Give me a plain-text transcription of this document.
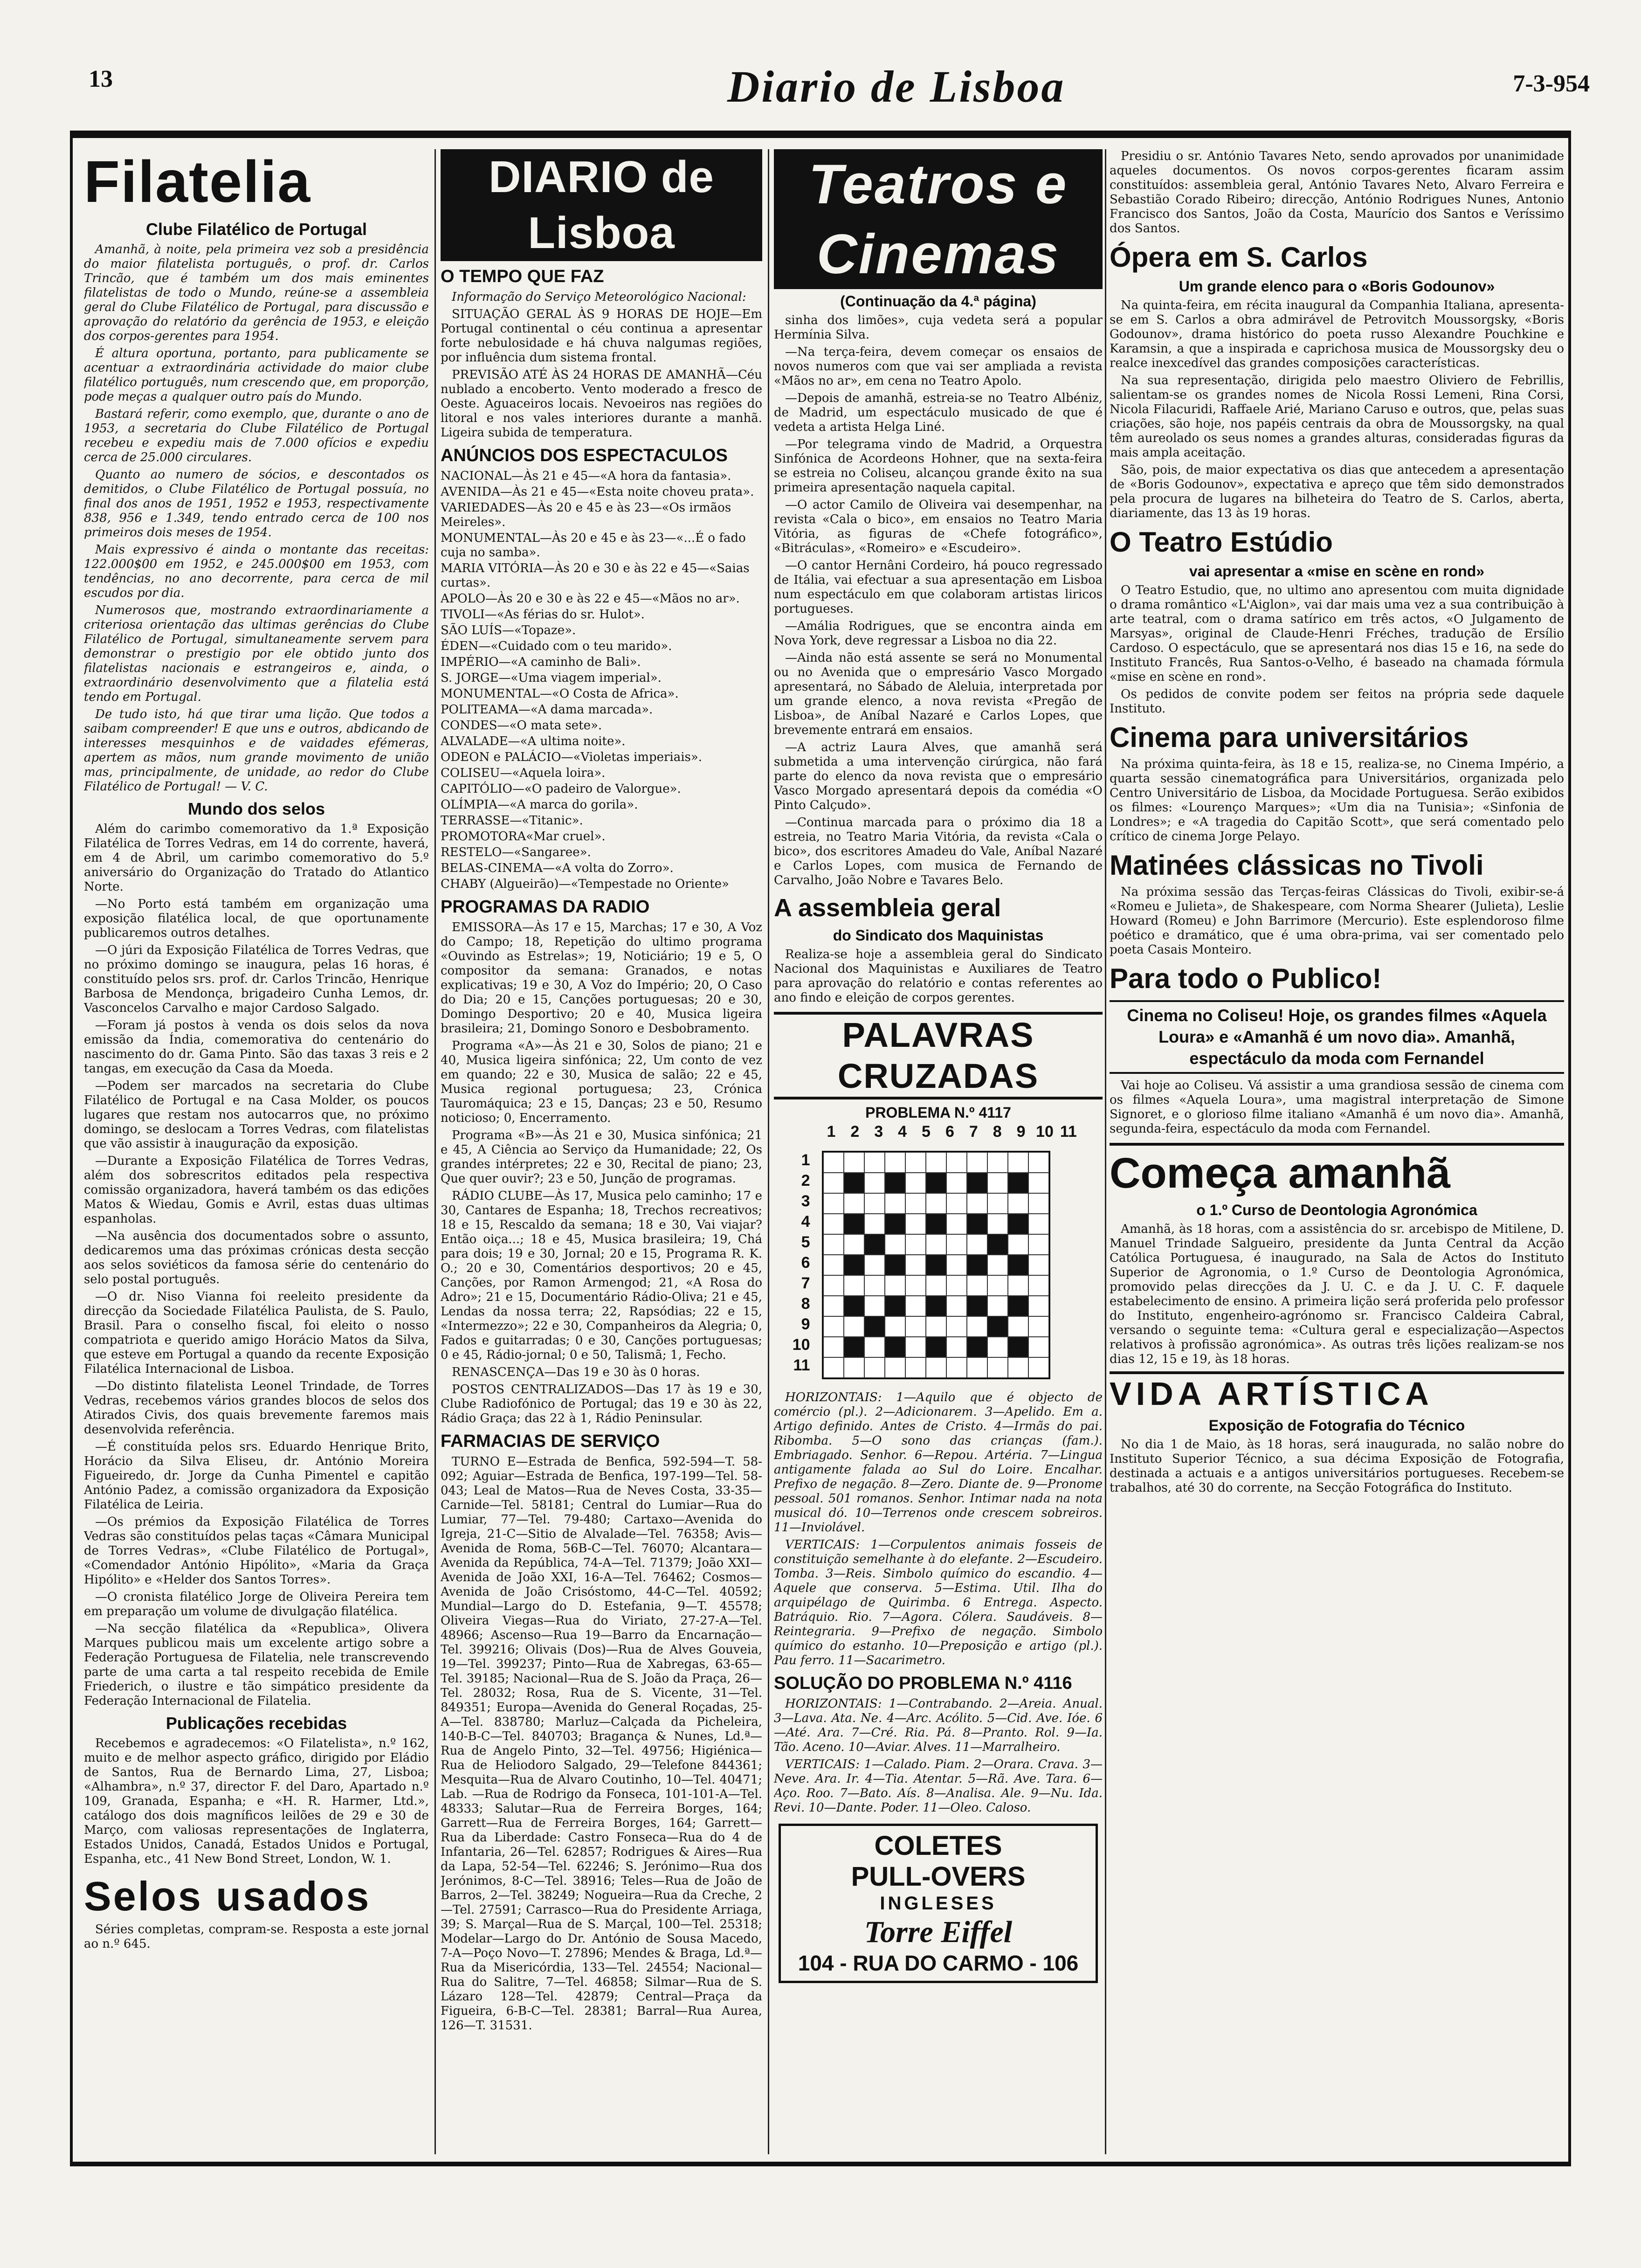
13	Diario de Lisboa	7-3-954
Filatelia
Clube Filatélico de Portugal

Amanhã, à noite, pela primeira vez sob a presidência do maior filatelista português, o prof. dr. Carlos Trincão, que é também um dos mais eminentes filatelistas de todo o Mundo, reúne-se a assembleia geral do Clube Filatélico de Portugal, para discussão e aprovação do relatório da gerência de 1953, e eleição dos corpos-gerentes para 1954.

É altura oportuna, portanto, para publicamente se acentuar a extraordinária actividade do maior clube filatélico português, num crescendo que, em proporção, pode meças a qualquer outro país do Mundo.

Bastará referir, como exemplo, que, durante o ano de 1953, a secretaria do Clube Filatélico de Portugal recebeu e expediu mais de 7.000 ofícios e expediu cerca de 25.000 circulares.

Quanto ao numero de sócios, e descontados os demitidos, o Clube Filatélico de Portugal possuía, no final dos anos de 1951, 1952 e 1953, respectivamente 838, 956 e 1.349, tendo entrado cerca de 100 nos primeiros dois meses de 1954.

Mais expressivo é ainda o montante das receitas: 122.000$00 em 1952, e 245.000$00 em 1953, com tendências, no ano decorrente, para cerca de mil escudos por dia.

Numerosos que, mostrando extraordinariamente a criteriosa orientação das ultimas gerências do Clube Filatélico de Portugal, simultaneamente servem para demonstrar o prestigio por ele obtido junto dos filatelistas nacionais e estrangeiros e, ainda, o extraordinário desenvolvimento que a filatelia está tendo em Portugal.

De tudo isto, há que tirar uma lição. Que todos a saibam compreender! E que uns e outros, abdicando de interesses mesquinhos e de vaidades efémeras, apertem as mãos, num grande movimento de união mas, principalmente, de unidade, ao redor do Clube Filatélico de Portugal! — V. C.

Mundo dos selos

Além do carimbo comemorativo da 1.ª Exposição Filatélica de Torres Vedras, em 14 do corrente, haverá, em 4 de Abril, um carimbo comemorativo do 5.º aniversário do Organização do Tratado do Atlantico Norte.

—No Porto está também em organização uma exposição filatélica local, de que oportunamente publicaremos outros detalhes.

—O júri da Exposição Filatélica de Torres Vedras, que no próximo domingo se inaugura, pelas 16 horas, é constituído pelos srs. prof. dr. Carlos Trincão, Henrique Barbosa de Mendonça, brigadeiro Cunha Lemos, dr. Vasconcelos Carvalho e major Cardoso Salgado.

—Foram já postos à venda os dois selos da nova emissão da Índia, comemorativa do centenário do nascimento do dr. Gama Pinto. São das taxas 3 reis e 2 tangas, em execução da Casa da Moeda.

—Podem ser marcados na secretaria do Clube Filatélico de Portugal e na Casa Molder, os poucos lugares que restam nos autocarros que, no próximo domingo, se deslocam a Torres Vedras, com filatelistas que vão assistir à inauguração da exposição.

—Durante a Exposição Filatélica de Torres Vedras, além dos sobrescritos editados pela respectiva comissão organizadora, haverá também os das edições Matos & Wiedau, Gomis e Avril, estas duas ultimas espanholas.

—Na ausência dos documentados sobre o assunto, dedicaremos uma das próximas crónicas desta secção aos selos soviéticos da famosa série do centenário do selo postal português.

—O dr. Niso Vianna foi reeleito presidente da direcção da Sociedade Filatélica Paulista, de S. Paulo, Brasil. Para o conselho fiscal, foi eleito o nosso compatriota e querido amigo Horácio Matos da Silva, que esteve em Portugal a quando da recente Exposição Filatélica Internacional de Lisboa.

—Do distinto filatelista Leonel Trindade, de Torres Vedras, recebemos vários grandes blocos de selos dos Atirados Civis, dos quais brevemente faremos mais desenvolvida referência.

—É constituída pelos srs. Eduardo Henrique Brito, Horácio da Silva Eliseu, dr. António Moreira Figueiredo, dr. Jorge da Cunha Pimentel e capitão António Padez, a comissão organizadora da Exposição Filatélica de Leiria.

—Os prémios da Exposição Filatélica de Torres Vedras são constituídos pelas taças «Câmara Municipal de Torres Vedras», «Clube Filatélico de Portugal», «Comendador António Hipólito», «Maria da Graça Hipólito» e «Helder dos Santos Torres».

—O cronista filatélico Jorge de Oliveira Pereira tem em preparação um volume de divulgação filatélica.

—Na secção filatélica da «Republica», Olivera Marques publicou mais um excelente artigo sobre a Federação Portuguesa de Filatelia, nele transcrevendo parte de uma carta a tal respeito recebida de Emile Friederich, o ilustre e tão simpático presidente da Federação Internacional de Filatelia.

Publicações recebidas

Recebemos e agradecemos: «O Filatelista», n.º 162, muito e de melhor aspecto gráfico, dirigido por Eládio de Santos, Rua de Bernardo Lima, 27, Lisboa; «Alhambra», n.º 37, director F. del Daro, Apartado n.º 109, Granada, Espanha; e «H. R. Harmer, Ltd.», catálogo dos dois magníficos leilões de 29 e 30 de Março, com valiosas representações de Inglaterra, Estados Unidos, Canadá, Estados Unidos e Portugal, Espanha, etc., 41 New Bond Street, London, W. 1.

Selos usados

Séries completas, compram-se. Resposta a este jornal ao n.º 645.

DIARIO de Lisboa
O TEMPO QUE FAZ

Informação do Serviço Meteorológico Nacional:

SITUAÇÃO GERAL ÀS 9 HORAS DE HOJE—Em Portugal continental o céu continua a apresentar forte nebulosidade e há chuva nalgumas regiões, por influência dum sistema frontal.

PREVISÃO ATÉ ÀS 24 HORAS DE AMANHÃ—Céu nublado a encoberto. Vento moderado a fresco de Oeste. Aguaceiros locais. Nevoeiros nas regiões do litoral e nos vales interiores durante a manhã. Ligeira subida de temperatura.

ANÚNCIOS DOS ESPECTACULOS
NACIONAL—Às 21 e 45—«A hora da fantasia».
AVENIDA—Às 21 e 45—«Esta noite choveu prata».
VARIEDADES—Às 20 e 45 e às 23—«Os irmãos Meireles».
MONUMENTAL—Às 20 e 45 e às 23—«...É o fado cuja no samba».
MARIA VITÓRIA—Às 20 e 30 e às 22 e 45—«Saias curtas».
APOLO—Às 20 e 30 e às 22 e 45—«Mãos no ar».
TIVOLI—«As férias do sr. Hulot».
SÃO LUÍS—«Topaze».
ÉDEN—«Cuidado com o teu marido».
IMPÉRIO—«A caminho de Bali».
S. JORGE—«Uma viagem imperial».
MONUMENTAL—«O Costa de Africa».
POLITEAMA—«A dama marcada».
CONDES—«O mata sete».
ALVALADE—«A ultima noite».
ODEON e PALÁCIO—«Violetas imperiais».
COLISEU—«Aquela loira».
CAPITÓLIO—«O padeiro de Valorgue».
OLÍMPIA—«A marca do gorila».
TERRASSE—«Titanic».
PROMOTORA«Mar cruel».
RESTELO—«Sangaree».
BELAS-CINEMA—«A volta do Zorro».
CHABY (Algueirão)—«Tempestade no Oriente»
PROGRAMAS DA RADIO

EMISSORA—Às 17 e 15, Marchas; 17 e 30, A Voz do Campo; 18, Repetição do ultimo programa «Ouvindo as Estrelas»; 19, Noticiário; 19 e 5, O compositor da semana: Granados, e notas explicativas; 19 e 30, A Voz do Império; 20, O Caso do Dia; 20 e 15, Canções portuguesas; 20 e 30, Domingo Desportivo; 20 e 40, Musica ligeira brasileira; 21, Domingo Sonoro e Desbobramento.

Programa «A»—Às 21 e 30, Solos de piano; 21 e 40, Musica ligeira sinfónica; 22, Um conto de vez em quando; 22 e 30, Musica de salão; 22 e 45, Musica regional portuguesa; 23, Crónica Tauromáquica; 23 e 15, Danças; 23 e 50, Resumo noticioso; 0, Encerramento.

Programa «B»—Às 21 e 30, Musica sinfónica; 21 e 45, A Ciência ao Serviço da Humanidade; 22, Os grandes intérpretes; 22 e 30, Recital de piano; 23, Que quer ouvir?; 23 e 50, Junção de programas.

RÁDIO CLUBE—Às 17, Musica pelo caminho; 17 e 30, Cantares de Espanha; 18, Trechos recreativos; 18 e 15, Rescaldo da semana; 18 e 30, Vai viajar? Então oiça...; 18 e 45, Musica brasileira; 19, Chá para dois; 19 e 30, Jornal; 20 e 15, Programa R. K. O.; 20 e 30, Comentários desportivos; 20 e 45, Canções, por Ramon Armengod; 21, «A Rosa do Adro»; 21 e 15, Documentário Rádio-Oliva; 21 e 45, Lendas da nossa terra; 22, Rapsódias; 22 e 15, «Intermezzo»; 22 e 30, Companheiros da Alegria; 0, Fados e guitarradas; 0 e 30, Canções portuguesas; 0 e 45, Rádio-jornal; 0 e 50, Talismã; 1, Fecho.

RENASCENÇA—Das 19 e 30 às 0 horas.

POSTOS CENTRALIZADOS—Das 17 às 19 e 30, Clube Radiofónico de Portugal; das 19 e 30 às 22, Rádio Graça; das 22 à 1, Rádio Peninsular.

FARMACIAS DE SERVIÇO

TURNO E—Estrada de Benfica, 592-594—T. 58-092; Aguiar—Estrada de Benfica, 197-199—Tel. 58-043; Leal de Matos—Rua de Neves Costa, 33-35—Carnide—Tel. 58181; Central do Lumiar—Rua do Lumiar, 77—Tel. 79-480; Cartaxo—Avenida do Igreja, 21-C—Sitio de Alvalade—Tel. 76358; Avis—Avenida de Roma, 56B-C—Tel. 76070; Alcantara—Avenida da República, 74-A—Tel. 71379; João XXI—Avenida de João XXI, 16-A—Tel. 76462; Cosmos—Avenida de João Crisóstomo, 44-C—Tel. 40592; Mundial—Largo do D. Estefania, 9—T. 45578; Oliveira Viegas—Rua do Viriato, 27-27-A—Tel. 48966; Ascenso—Rua 19—Barro da Encarnação—Tel. 399216; Olivais (Dos)—Rua de Alves Gouveia, 19—Tel. 399237; Pinto—Rua de Xabregas, 63-65—Tel. 39185; Nacional—Rua de S. João da Praça, 26—Tel. 28032; Rosa, Rua de S. Vicente, 31—Tel. 849351; Europa—Avenida do General Roçadas, 25-A—Tel. 838780; Marluz—Calçada da Picheleira, 140-B-C—Tel. 840703; Bragança & Nunes, Ld.ª—Rua de Angelo Pinto, 32—Tel. 49756; Higiénica—Rua de Heliodoro Salgado, 29—Telefone 844361; Mesquita—Rua de Alvaro Coutinho, 10—Tel. 40471; Lab. —Rua de Rodrigo da Fonseca, 101-101-A—Tel. 48333; Salutar—Rua de Ferreira Borges, 164; Garrett—Rua de Ferreira Borges, 164; Garrett—Rua da Liberdade: Castro Fonseca—Rua do 4 de Infantaria, 26—Tel. 62857; Rodrigues & Aires—Rua da Lapa, 52-54—Tel. 62246; S. Jerónimo—Rua dos Jerónimos, 8-C—Tel. 38916; Teles—Rua de João de Barros, 2—Tel. 38249; Nogueira—Rua da Creche, 2—Tel. 27591; Carrasco—Rua do Presidente Arriaga, 39; S. Marçal—Rua de S. Marçal, 100—Tel. 25318; Modelar—Largo do Dr. António de Sousa Macedo, 7-A—Poço Novo—T. 27896; Mendes & Braga, Ld.ª—Rua da Misericórdia, 133—Tel. 24554; Nacional—Rua do Salitre, 7—Tel. 46858; Silmar—Rua de S. Lázaro 128—Tel. 42879; Central—Praça da Figueira, 6-B-C—Tel. 28381; Barral—Rua Aurea, 126—T. 31531.

Teatros e Cinemas
(Continuação da 4.ª página)

sinha dos limões», cuja vedeta será a popular Hermínia Silva.

—Na terça-feira, devem começar os ensaios de novos numeros com que vai ser ampliada a revista «Mãos no ar», em cena no Teatro Apolo.

—Depois de amanhã, estreia-se no Teatro Albéniz, de Madrid, um espectáculo musicado de que é vedeta a artista Helga Liné.

—Por telegrama vindo de Madrid, a Orquestra Sinfónica de Acordeons Hohner, que na sexta-feira se estreia no Coliseu, alcançou grande êxito na sua primeira apresentação naquela capital.

—O actor Camilo de Oliveira vai desempenhar, na revista «Cala o bico», em ensaios no Teatro Maria Vitória, as figuras de «Chefe fotográfico», «Bitráculas», «Romeiro» e «Escudeiro».

—O cantor Hernâni Cordeiro, há pouco regressado de Itália, vai efectuar a sua apresentação em Lisboa num espectáculo em que colaboram artistas liricos portugueses.

—Amália Rodrigues, que se encontra ainda em Nova York, deve regressar a Lisboa no dia 22.

—Ainda não está assente se será no Monumental ou no Avenida que o empresário Vasco Morgado apresentará, no Sábado de Aleluia, interpretada por um grande elenco, a nova revista «Pregão de Lisboa», de Aníbal Nazaré e Carlos Lopes, que brevemente entrará em ensaios.

—A actriz Laura Alves, que amanhã será submetida a uma intervenção cirúrgica, não fará parte do elenco da nova revista que o empresário Vasco Morgado apresentará depois da comédia «O Pinto Calçudo».

—Continua marcada para o próximo dia 18 a estreia, no Teatro Maria Vitória, da revista «Cala o bico», dos escritores Amadeu do Vale, Aníbal Nazaré e Carlos Lopes, com musica de Fernando de Carvalho, João Nobre e Tavares Belo.

A assembleia geral
do Sindicato dos Maquinistas

Realiza-se hoje a assembleia geral do Sindicato Nacional dos Maquinistas e Auxiliares de Teatro para aprovação do relatório e contas referentes ao ano findo e eleição de corpos gerentes.

PALAVRAS CRUZADAS
PROBLEMA N.º 4117
1 2 3 4 5 6 7 8 9 10 11
1
2
3
4
5
6
7
8
9
10
11

HORIZONTAIS: 1—Aquilo que é objecto de comércio (pl.). 2—Adicionarem. 3—Apelido. Em a. Artigo definido. Antes de Cristo. 4—Irmãs do pai. Ribomba. 5—O sono das crianças (fam.). Embriagado. Senhor. 6—Repou. Artéria. 7—Lingua antigamente falada ao Sul do Loire. Encalhar. Prefixo de negação. 8—Zero. Diante de. 9—Pronome pessoal. 501 romanos. Senhor. Intimar nada na nota musical dó. 10—Terrenos onde crescem sobreiros. 11—Inviolável.

VERTICAIS: 1—Corpulentos animais fosseis de constituição semelhante à do elefante. 2—Escudeiro. Tomba. 3—Reis. Simbolo químico do escandio. 4—Aquele que conserva. 5—Estima. Util. Ilha do arquipélago de Quirimba. 6 Entrega. Aspecto. Batráquio. Rio. 7—Agora. Cólera. Saudáveis. 8—Reintegraria. 9—Prefixo de negação. Simbolo químico do estanho. 10—Preposição e artigo (pl.). Pau ferro. 11—Sacarimetro.

SOLUÇÃO DO PROBLEMA N.º 4116

HORIZONTAIS: 1—Contrabando. 2—Areia. Anual. 3—Lava. Ata. Ne. 4—Arc. Acólito. 5—Cid. Ave. Ióe. 6—Até. Ara. 7—Cré. Ria. Pá. 8—Pranto. Rol. 9—Ia. Tão. Aceno. 10—Aviar. Alves. 11—Marralheiro.

VERTICAIS: 1—Calado. Piam. 2—Orara. Crava. 3—Neve. Ara. Ir. 4—Tia. Atentar. 5—Rã. Ave. Tara. 6—Aço. Roo. 7—Bato. Aís. 8—Analisa. Ale. 9—Nu. Ida. Revi. 10—Dante. Poder. 11—Oleo. Caloso.

COLETES
PULL-OVERS
INGLESES
Torre Eiffel
104 - RUA DO CARMO - 106

Presidiu o sr. António Tavares Neto, sendo aprovados por unanimidade aqueles documentos. Os novos corpos-gerentes ficaram assim constituídos: assembleia geral, António Tavares Neto, Alvaro Ferreira e Sebastião Corado Ribeiro; direcção, António Rodrigues Nunes, Antonio Francisco dos Santos, João da Costa, Maurício dos Santos e Veríssimo dos Santos.

Ópera em S. Carlos
Um grande elenco para o «Boris Godounov»

Na quinta-feira, em récita inaugural da Companhia Italiana, apresenta-se em S. Carlos a obra admirável de Petrovitch Moussorgsky, «Boris Godounov», drama histórico do poeta russo Alexandre Pouchkine e Karamsin, a que a inspirada e caprichosa musica de Moussorgsky deu o realce inexcedível das grandes composições características.

Na sua representação, dirigida pelo maestro Oliviero de Febrillis, salientam-se os grandes nomes de Nicola Rossi Lemeni, Rina Corsi, Nicola Filacuridi, Raffaele Arié, Mariano Caruso e outros, que, pelas suas criações, são hoje, nos papéis centrais da obra de Moussorgsky, na qual têm aureolado os seus nomes a grandes alturas, consideradas figuras da mais ampla aceitação.

São, pois, de maior expectativa os dias que antecedem a apresentação de «Boris Godounov», expectativa e apreço que têm sido demonstrados pela procura de lugares na bilheteira do Teatro de S. Carlos, aberta, diariamente, das 13 às 19 horas.

O Teatro Estúdio
vai apresentar a «mise en scène en rond»

O Teatro Estudio, que, no ultimo ano apresentou com muita dignidade o drama romântico «L'Aiglon», vai dar mais uma vez a sua contribuição à arte teatral, com o drama satírico em três actos, «O Julgamento de Marsyas», original de Claude-Henri Fréches, tradução de Ersílio Cardoso. O espectáculo, que se apresentará nos dias 15 e 16, na sede do Instituto Francês, Rua Santos-o-Velho, é baseado na chamada fórmula «mise en scène en rond».

Os pedidos de convite podem ser feitos na própria sede daquele Instituto.

Cinema para universitários

Na próxima quinta-feira, às 18 e 15, realiza-se, no Cinema Império, a quarta sessão cinematográfica para Universitários, organizada pelo Centro Universitário de Lisboa, da Mocidade Portuguesa. Serão exibidos os filmes: «Lourenço Marques»; «Um dia na Tunisia»; «Sinfonia de Londres»; e «A tragedia do Capitão Scott», que será comentado pelo crítico de cinema Jorge Pelayo.

Matinées clássicas no Tivoli

Na próxima sessão das Terças-feiras Clássicas do Tivoli, exibir-se-á «Romeu e Julieta», de Shakespeare, com Norma Shearer (Julieta), Leslie Howard (Romeu) e John Barrimore (Mercurio). Este esplendoroso filme poético e dramático, que é uma obra-prima, vai ser comentado pelo poeta Casais Monteiro.

Para todo o Publico!
Cinema no Coliseu! Hoje, os grandes filmes «Aquela Loura» e «Amanhã é um novo dia». Amanhã, espectáculo da moda com Fernandel

Vai hoje ao Coliseu. Vá assistir a uma grandiosa sessão de cinema com os filmes «Aquela Loura», uma magistral interpretação de Simone Signoret, e o glorioso filme italiano «Amanhã é um novo dia». Amanhã, segunda-feira, espectáculo da moda com Fernandel.

Começa amanhã
o 1.º Curso de Deontologia Agronómica

Amanhã, às 18 horas, com a assistência do sr. arcebispo de Mitilene, D. Manuel Trindade Salgueiro, presidente da Junta Central da Acção Católica Portuguesa, é inaugurado, na Sala de Actos do Instituto Superior de Agronomia, o 1.º Curso de Deontologia Agronómica, promovido pelas direcções da J. U. C. e da J. U. C. F. daquele estabelecimento de ensino. A primeira lição será proferida pelo professor do Instituto, engenheiro-agrónomo sr. Francisco Caldeira Cabral, versando o seguinte tema: «Cultura geral e especialização—Aspectos relativos à profissão agronómica». As outras três lições realizam-se nos dias 12, 15 e 19, às 18 horas.

VIDA ARTÍSTICA
Exposição de Fotografia do Técnico

No dia 1 de Maio, às 18 horas, será inaugurada, no salão nobre do Instituto Superior Técnico, a sua décima Exposição de Fotografia, destinada a actuais e a antigos universitários portugueses. Recebem-se trabalhos, até 30 do corrente, na Secção Fotográfica do Instituto.
